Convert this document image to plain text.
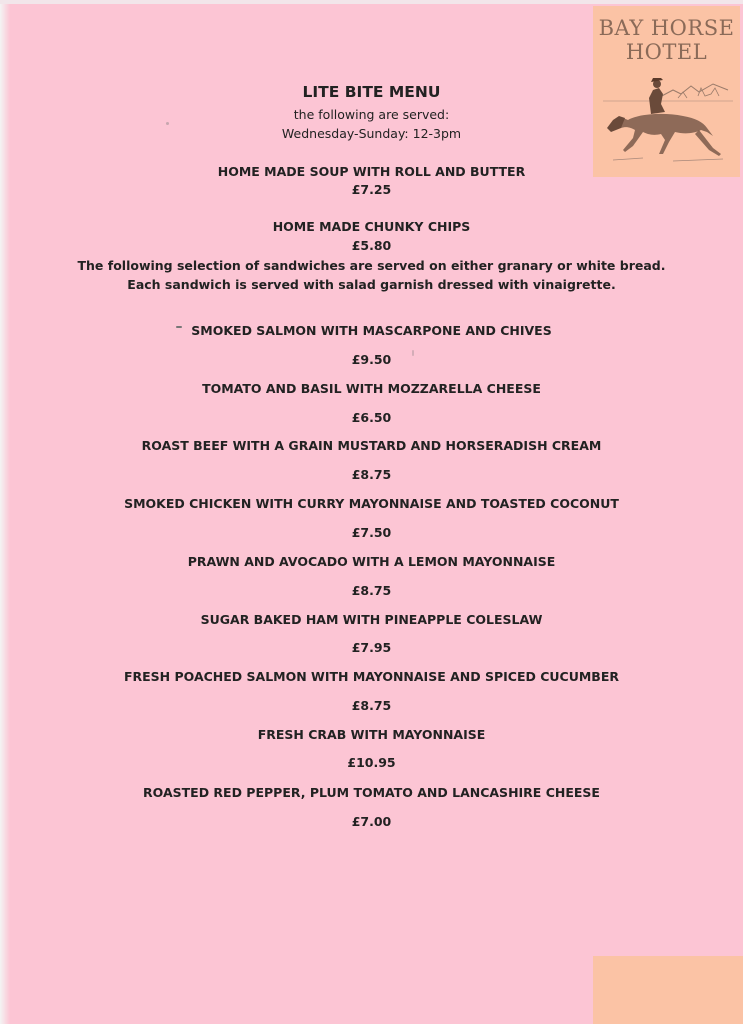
BAY HORSE
HOTEL
LITE BITE MENU
the following are served:
Wednesday-Sunday: 12-3pm
HOME MADE SOUP WITH ROLL AND BUTTER
£7.25
HOME MADE CHUNKY CHIPS
£5.80
The following selection of sandwiches are served on either granary or white bread.
Each sandwich is served with salad garnish dressed with vinaigrette.
SMOKED SALMON WITH MASCARPONE AND CHIVES
£9.50
TOMATO AND BASIL WITH MOZZARELLA CHEESE
£6.50
ROAST BEEF WITH A GRAIN MUSTARD AND HORSERADISH CREAM
£8.75
SMOKED CHICKEN WITH CURRY MAYONNAISE AND TOASTED COCONUT
£7.50
PRAWN AND AVOCADO WITH A LEMON MAYONNAISE
£8.75
SUGAR BAKED HAM WITH PINEAPPLE COLESLAW
£7.95
FRESH POACHED SALMON WITH MAYONNAISE AND SPICED CUCUMBER
£8.75
FRESH CRAB WITH MAYONNAISE
£10.95
ROASTED RED PEPPER, PLUM TOMATO AND LANCASHIRE CHEESE
£7.00
